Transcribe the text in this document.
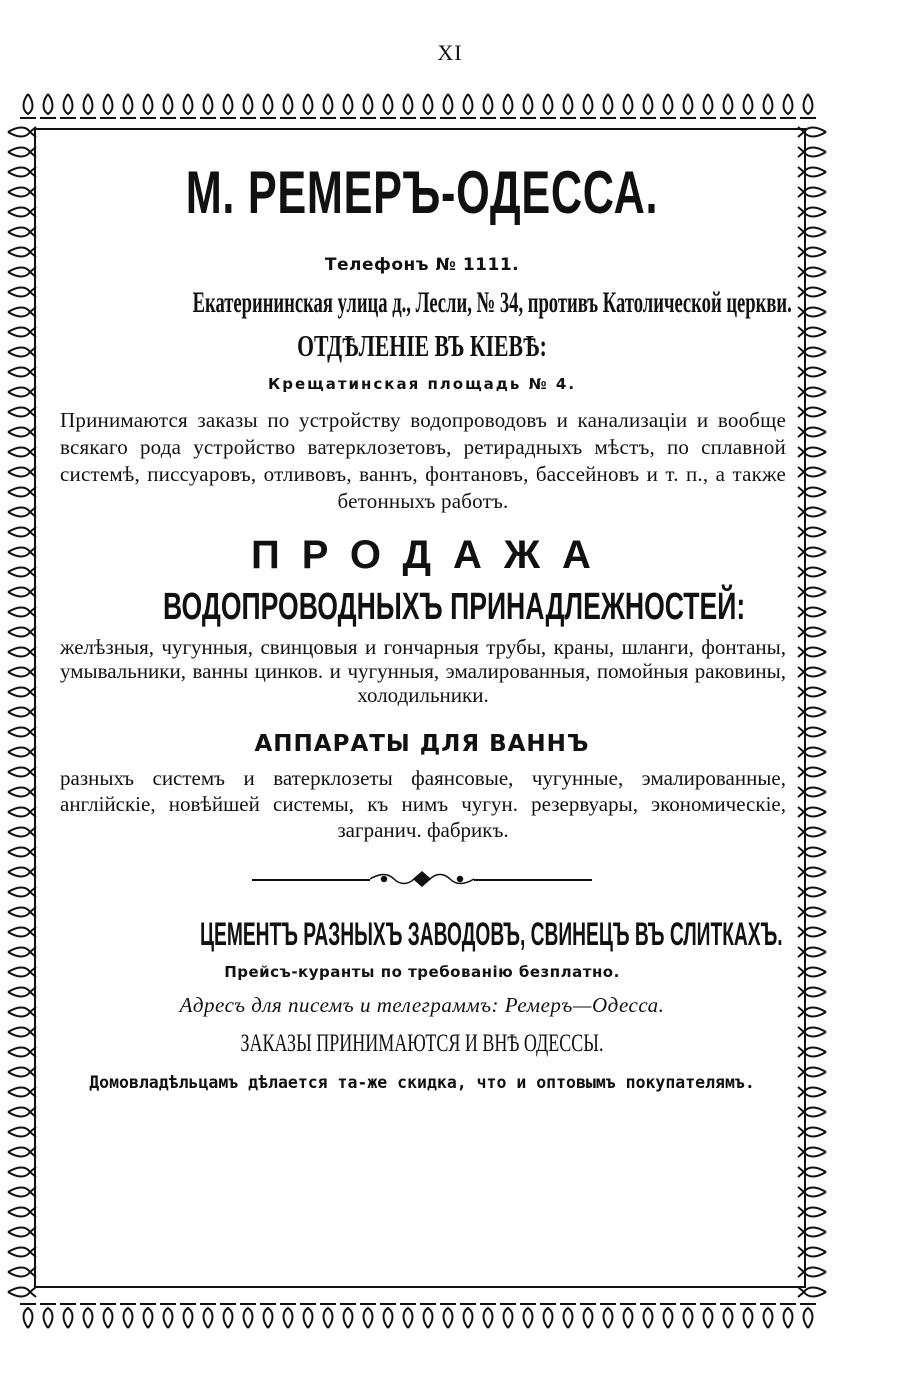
XI
М. РЕМЕРЪ-ОДЕССА.

Телефонъ № 1111.

Екатерининская улица д., Лесли, № 34, противъ Католической церкви.

ОТДѢЛЕНІЕ ВЪ КІЕВѢ:

Крещатинская площадь № 4.

Принимаются заказы по устройству водопроводовъ и канализаціи и вообще всякаго рода устройство ватерклозетовъ, ретирадныхъ мѣстъ, по сплавной системѣ, писсуаровъ, отливовъ, ваннъ, фонтановъ, бассейновъ и т. п., а также бетонныхъ работъ.

ПРОДАЖА
ВОДОПРОВОДНЫХЪ ПРИНАДЛЕЖНОСТЕЙ:

желѣзныя, чугунныя, свинцовыя и гончарныя трубы, краны, шланги, фонтаны, умывальники, ванны цинков. и чугунныя, эмалированныя, помойныя раковины, холодильники.

АППАРАТЫ ДЛЯ ВАННЪ

разныхъ системъ и ватерклозеты фаянсовые, чугунные, эмалированные, англійскіе, новѣйшей системы, къ нимъ чугун. резервуары, экономическіе, загранич. фабрикъ.

ЦЕМЕНТЪ РАЗНЫХЪ ЗАВОДОВЪ, СВИНЕЦЪ ВЪ СЛИТКАХЪ.

Прейсъ-куранты по требованію безплатно.

Адресъ для писемъ и телеграммъ: Ремеръ—Одесса.

ЗАКАЗЫ ПРИНИМАЮТСЯ И ВНѢ ОДЕССЫ.

Домовладѣльцамъ дѣлается та-же скидка, что и оптовымъ покупателямъ.
